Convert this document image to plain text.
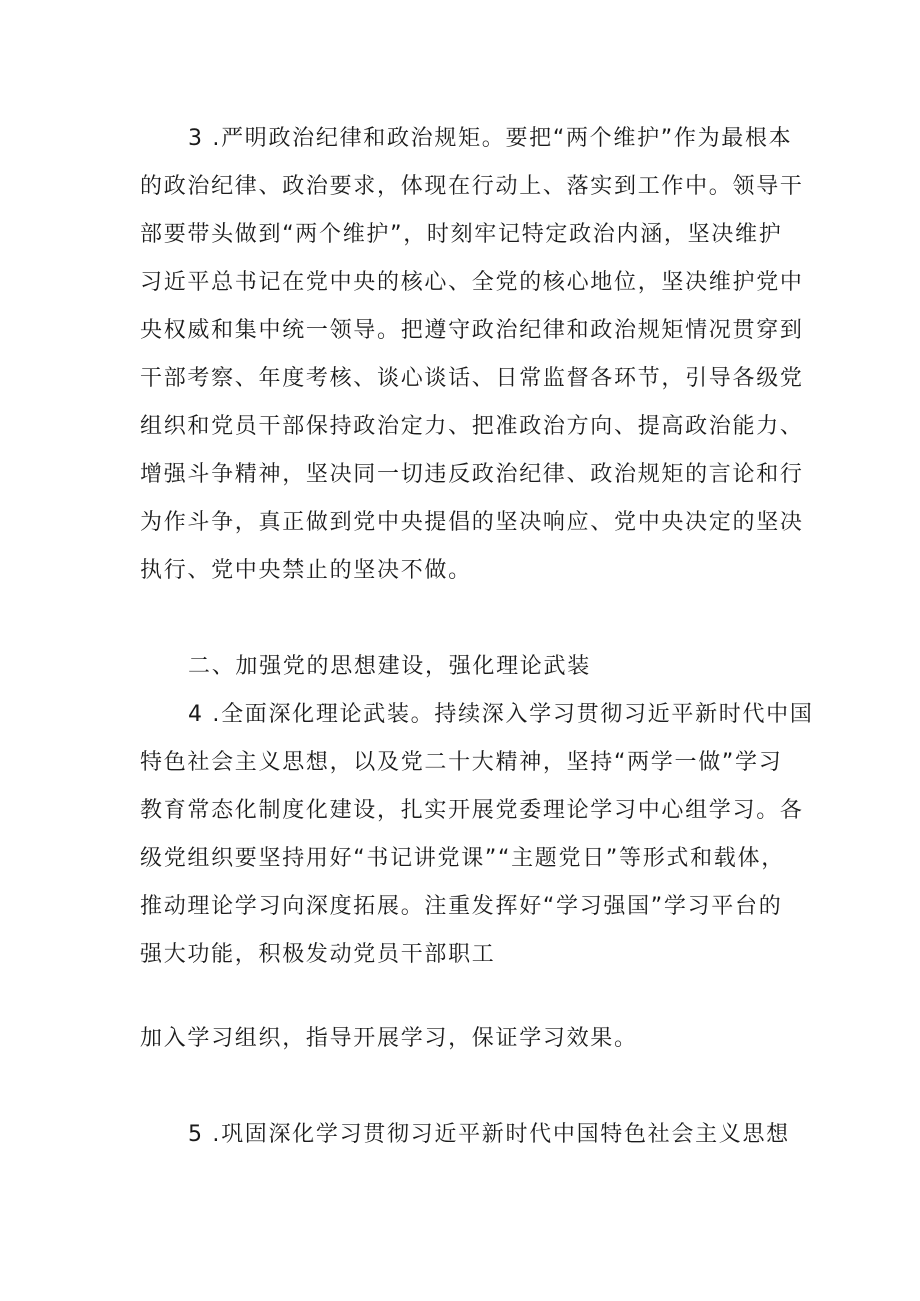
3 .严明政治纪律和政治规矩。要把“两个维护”作为最根本
的政治纪律、政治要求，体现在行动上、落实到工作中。领导干
部要带头做到“两个维护”，时刻牢记特定政治内涵，坚决维护
习近平总书记在党中央的核心、全党的核心地位，坚决维护党中
央权威和集中统一领导。把遵守政治纪律和政治规矩情况贯穿到
干部考察、年度考核、谈心谈话、日常监督各环节，引导各级党
组织和党员干部保持政治定力、把准政治方向、提高政治能力、
增强斗争精神，坚决同一切违反政治纪律、政治规矩的言论和行
为作斗争，真正做到党中央提倡的坚决响应、党中央决定的坚决
执行、党中央禁止的坚决不做。
二、加强党的思想建设，强化理论武装
4 .全面深化理论武装。持续深入学习贯彻习近平新时代中国
特色社会主义思想，以及党二十大精神，坚持“两学一做”学习
教育常态化制度化建设，扎实开展党委理论学习中心组学习。各
级党组织要坚持用好“书记讲党课”“主题党日”等形式和载体，
推动理论学习向深度拓展。注重发挥好“学习强国”学习平台的
强大功能，积极发动党员干部职工
加入学习组织，指导开展学习，保证学习效果。
5 .巩固深化学习贯彻习近平新时代中国特色社会主义思想
